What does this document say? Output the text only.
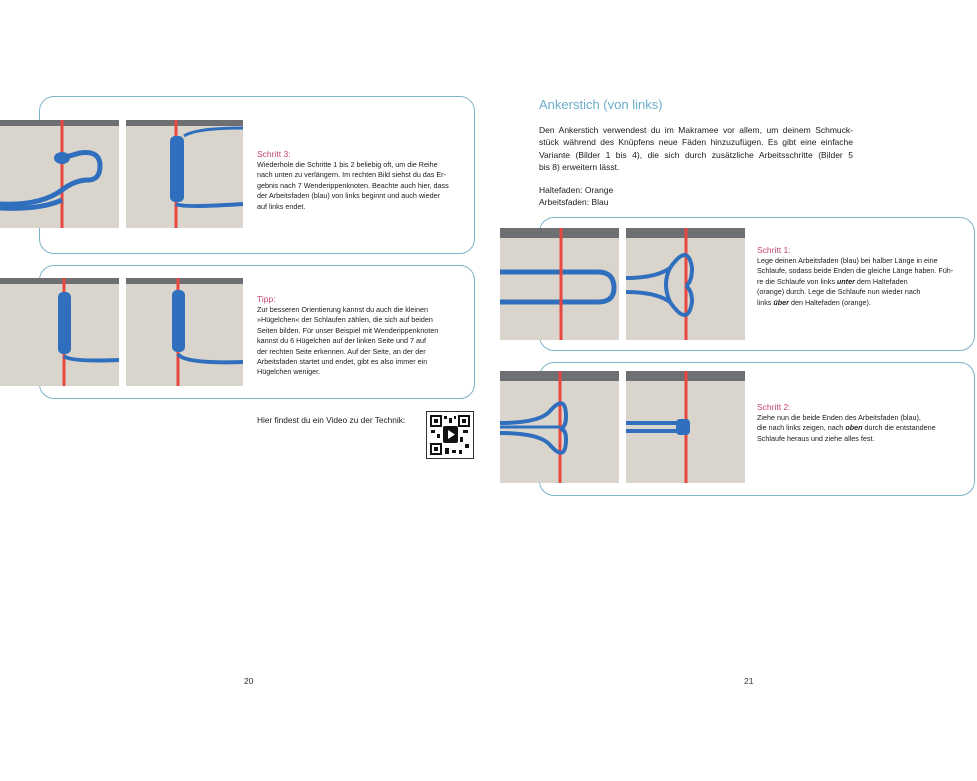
Schritt 3:
Wiederhole die Schritte 1 bis 2 beliebig oft, um die Reihe
nach unten zu verlängern. Im rechten Bild siehst du das Er-
gebnis nach 7 Wenderippenknoten. Beachte auch hier, dass
der Arbeitsfaden (blau) von links beginnt und auch wieder
auf links endet.
Tipp:
Zur besseren Orientierung kannst du auch die kleinen
»Hügelchen« der Schlaufen zählen, die sich auf beiden
Seiten bilden. Für unser Beispiel mit Wenderippenknoten
kannst du 6 Hügelchen auf der linken Seite und 7 auf
der rechten Seite erkennen. Auf der Seite, an der der
Arbeitsfaden startet und endet, gibt es also immer ein
Hügelchen weniger.
Hier findest du ein Video zu der Technik:
20
Ankerstich (von links)
Den Ankerstich verwendest du im Makramee vor allem, um deinem Schmuck-
stück während des Knüpfens neue Fäden hinzuzufügen. Es gibt eine einfache
Variante (Bilder 1 bis 4), die sich durch zusätzliche Arbeitsschritte (Bilder 5
bis 8) erweitern lässt.
Haltefaden: Orange
Arbeitsfaden: Blau
Schritt 1:
Lege deinen Arbeitsfaden (blau) bei halber Länge in eine
Schlaufe, sodass beide Enden die gleiche Länge haben. Füh-
re die Schlaufe von links unter dem Haltefaden
(orange) durch. Lege die Schlaufe nun wieder nach
links über den Haltefaden (orange).
Schritt 2:
Ziehe nun die beide Enden des Arbeitsfaden (blau),
die nach links zeigen, nach oben durch die entstandene
Schlaufe heraus und ziehe alles fest.
21
